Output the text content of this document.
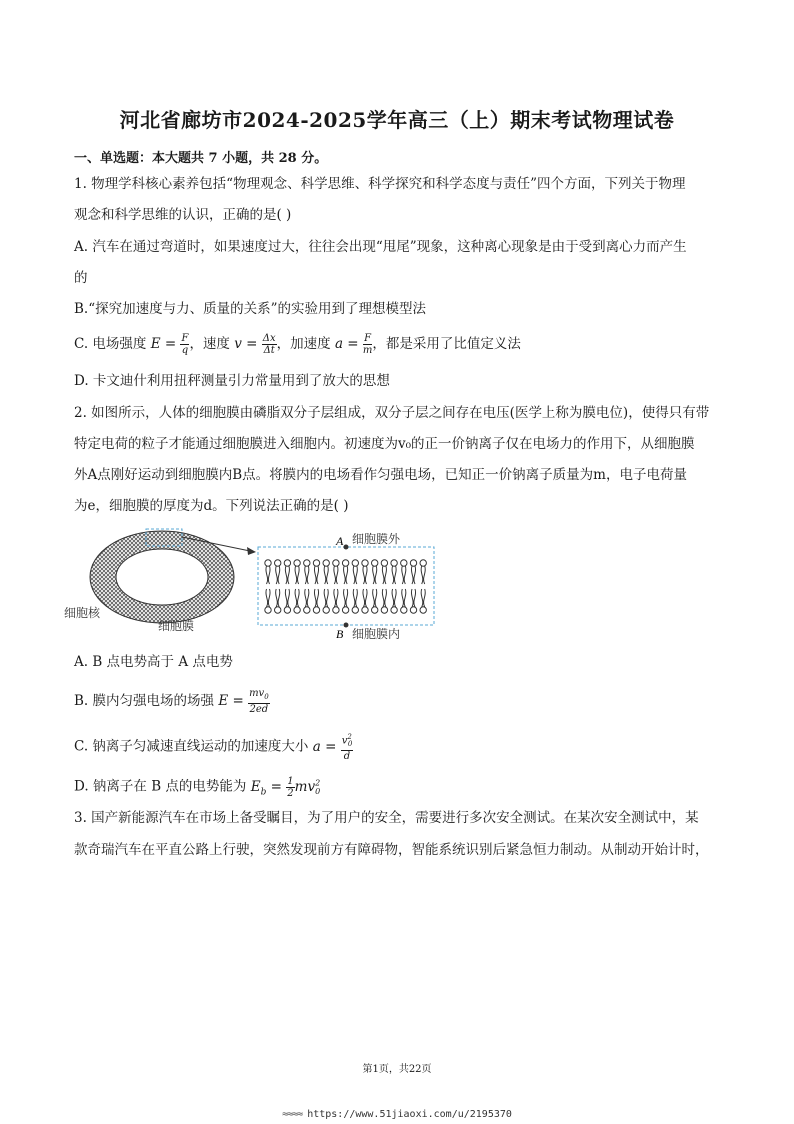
河北省廊坊市2024-2025学年高三（上）期末考试物理试卷
一、单选题：本大题共 7 小题，共 28 分。
1. 物理学科核心素养包括“物理观念、科学思维、科学探究和科学态度与责任”四个方面，下列关于物理
观念和科学思维的认识，正确的是( )
A. 汽车在通过弯道时，如果速度过大，往往会出现“甩尾”现象，这种离心现象是由于受到离心力而产生
的
B.“探究加速度与力、质量的关系”的实验用到了理想模型法
C. 电场强度 $E = \frac{F}{q}$ ，速度 $v = \frac{\Delta x}{\Delta t}$ ，加速度 $a = \frac{F}{m}$ ，都是采用了比值定义法
D. 卡文迪什利用扭秤测量引力常量用到了放大的思想
2. 如图所示，人体的细胞膜由磷脂双分子层组成，双分子层之间存在电压(医学上称为膜电位)，使得只有带
特定电荷的粒子才能通过细胞膜进入细胞内。初速度为v₀的正一价钠离子仅在电场力的作用下，从细胞膜
外A点刚好运动到细胞膜内B点。将膜内的电场看作匀强电场，已知正一价钠离子质量为m，电子电荷量
为e，细胞膜的厚度为d。下列说法正确的是( )
A 细胞膜外
B 细胞膜内
细胞核
细胞膜
A. B 点电势高于 A 点电势
B. 膜内匀强电场的场强 $E = \frac{mv_0}{2ed}$
C. 钠离子匀减速直线运动的加速度大小 $a = \frac{v^2_0}{d}$
D. 钠离子在 B 点的电势能为 $E_b = \frac{1}{2} mv^2_0$
3. 国产新能源汽车在市场上备受瞩目，为了用户的安全，需要进行多次安全测试。在某次安全测试中，某
款奇瑞汽车在平直公路上行驶，突然发现前方有障碍物，智能系统识别后紧急恒力制动。从制动开始计时，
第1页，共22页
≈≈≈≈ https://www.51jiaoxi.com/u/2195370
